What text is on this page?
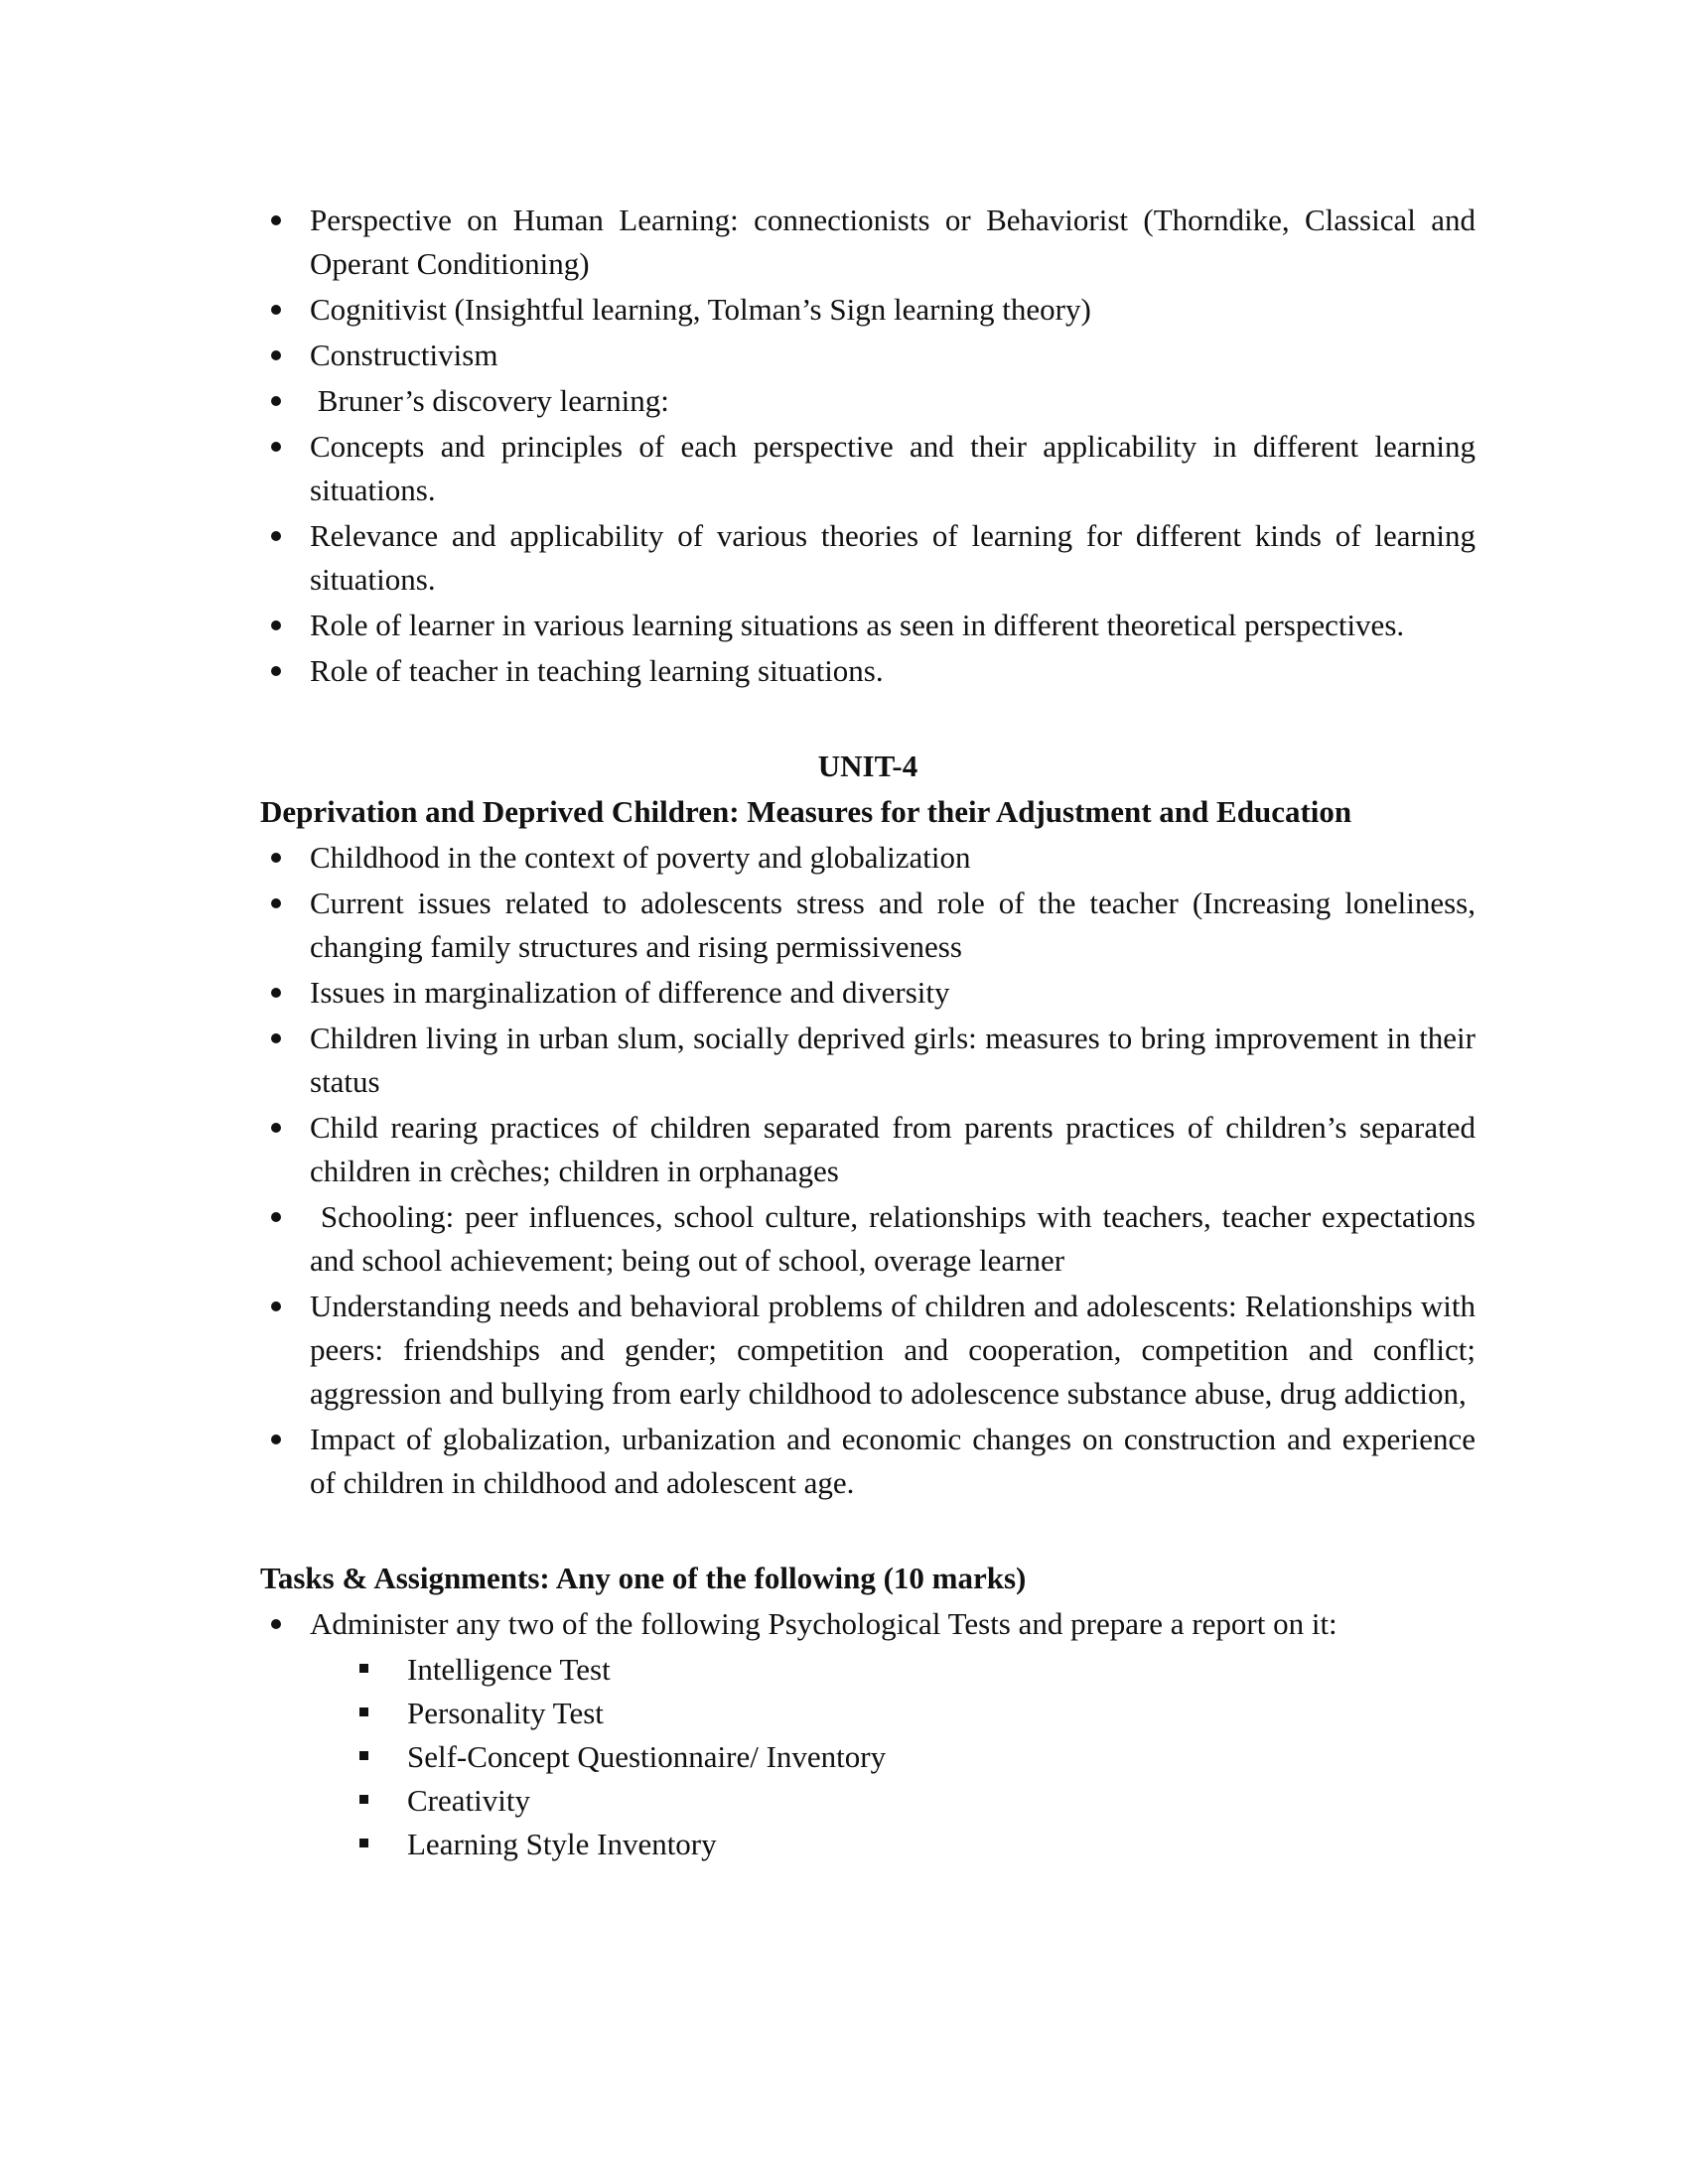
Perspective on Human Learning: connectionists or Behaviorist (Thorndike, Classical and Operant Conditioning)
Cognitivist (Insightful learning, Tolman’s Sign learning theory)
Constructivism
Bruner’s discovery learning:
Concepts and principles of each perspective and their applicability in different learning situations.
Relevance and applicability of various theories of learning for different kinds of learning situations.
Role of learner in various learning situations as seen in different theoretical perspectives.
Role of teacher in teaching learning situations.
UNIT-4
Deprivation and Deprived Children: Measures for their Adjustment and Education
Childhood in the context of poverty and globalization
Current issues related to adolescents stress and role of the teacher (Increasing loneliness, changing family structures and rising permissiveness
Issues in marginalization of difference and diversity
Children living in urban slum, socially deprived girls: measures to bring improvement in their status
Child rearing practices of children separated from parents practices of children’s separated children in crèches; children in orphanages
Schooling: peer influences, school culture, relationships with teachers, teacher expectations and school achievement; being out of school, overage learner
Understanding needs and behavioral problems of children and adolescents: Relationships with peers: friendships and gender; competition and cooperation, competition and conflict; aggression and bullying from early childhood to adolescence substance abuse, drug addiction,
Impact of globalization, urbanization and economic changes on construction and experience of children in childhood and adolescent age.
Tasks & Assignments: Any one of the following (10 marks)
Administer any two of the following Psychological Tests and prepare a report on it:
Intelligence Test
Personality Test
Self-Concept Questionnaire/ Inventory
Creativity
Learning Style Inventory
